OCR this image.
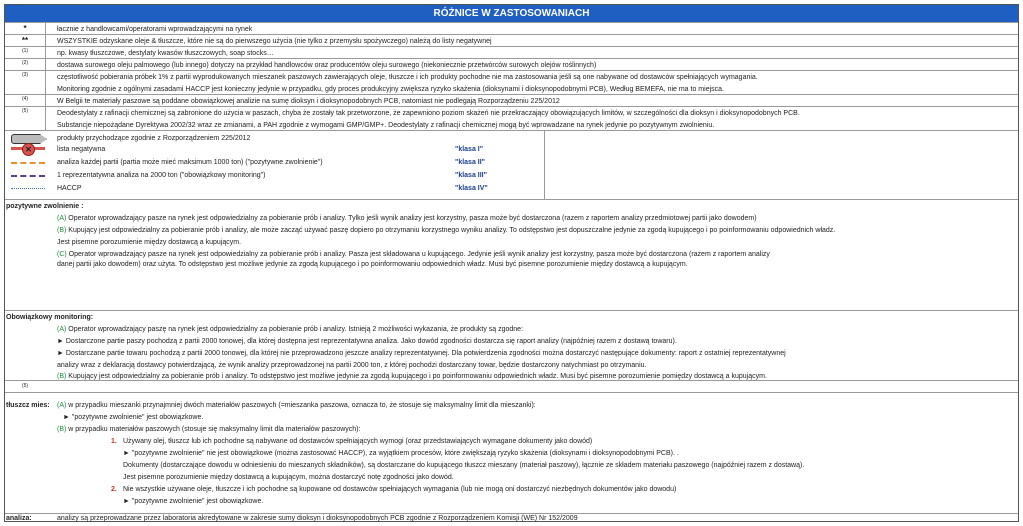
RÓŻNICE W ZASTOSOWANIACH
*	łacznie z handlowcami/operatorami wprowadzającymi na rynek
**	WSZYSTKIE odzyskane oleje & tłuszcze, które nie są do pierwszego użycia (nie tylko z przemysłu spożywczego) należą do listy negatywnej
(1)	np. kwasy tłuszczowe, destylaty kwasów tłuszczowych, soap stocks…
(2)	dostawa surowego oleju palmowego (lub innego) dotyczy na przykład handlowców oraz producentów oleju surowego (niekoniecznie przetwórców surowych olejów roślinnych)
(3)	częstotliwość pobierania próbek 1% z partii wyprodukowanych mieszanek paszowych zawierających oleje, tłuszcze i ich produkty pochodne nie ma zastosowania jeśli są one nabywane od dostawców spełniających wymagania.
Monitoring zgodnie z ogólnymi zasadami HACCP jest konieczny jedynie w przypadku, gdy proces produkcyjny zwiększa ryzyko skażenia (dioksynami i dioksynopodobnymi PCB), Według BEMEFA, nie ma to miejsca.
(4)	W Belgii te materiały paszowe są poddane obowiązkowej analizie na sumę dioksyn i dioksynopodobnych PCB, natomiast nie podlegają Rozporządzeniu 225/2012
(5)	Deodestylaty z rafinacji chemicznej są zabronione do użycia w paszach, chyba że zostały tak przetworzone, że zapewniono poziom skażeń nie przekraczający obowiązujących limitów, w szczególności dla dioksyn i dioksynopodobnych PCB.
Substancje niepożądane Dyrektywa 2002/32 wraz ze zmianami, a PAH zgodnie z wymogami GMP/GMP+. Deodestylaty z rafinacji chemicznej mogą być wprowadzane na rynek jedynie po pozytywnym zwolnieniu.
produkty przychodzące zgodnie z Rozporządzeniem 225/2012
✕	lista negatywna	"klasa I"
analiza każdej partii (partia może mieć maksimum 1000 ton) ("pozytywne zwolnienie")	"klasa II"
1 reprezentatywna analiza na 2000 ton ("obowiązkowy monitoring")	"klasa III"
HACCP	"klasa IV"
pozytywne zwolnienie :
(A) Operator wprowadzający pasze na rynek jest odpowiedzialny za pobieranie prób i analizy. Tylko jeśli wynik analizy jest korzystny, pasza może być dostarczona (razem z raportem analizy przedmiotowej partii jako dowodem)
(B) Kupujący jest odpowiedzialny za pobieranie prób i analizy, ale może zacząć używać paszę dopiero po otrzymaniu korzystnego wyniku analizy. To odstępstwo jest dopuszczalne jedynie za zgodą kupującego i po poinformowaniu odpowiednich władz.
Jest pisemne porozumienie między dostawcą a kupującym.
(C) Operator wprowadzający pasze na rynek jest odpowiedzialny za pobieranie prób i analizy. Pasza jest składowana u kupującego. Jedynie jeśli wynik analizy jest korzystny, pasza może być dostarczona (razem z raportem analizy
danej partii jako dowodem) oraz użyta. To odstępstwo jest możliwe jedynie za zgodą kupującego i po poinformowaniu odpowiednich władz. Musi być pisemne porozumienie między dostawcą a kupującym.
Obowiązkowy monitoring:
(A) Operator wprowadzający paszę na rynek jest odpowiedzialny za pobieranie prób i analizy. Istnieją 2 możliwości wykazania, że produkty są zgodne:
► Dostarczone partie paszy pochodzą z partii 2000 tonowej, dla której dostępna jest reprezentatywna analiza. Jako dowód zgodności dostarcza się raport analizy (najpóźniej razem z dostawą towaru).
► Dostarczane partie towaru pochodzą z partii 2000 tonowej, dla której nie przeprowadzono jeszcze analizy reprezentatywnej. Dla potwierdzenia zgodności można dostarczyć następujące dokumenty: raport z ostatniej reprezentatywnej
analizy wraz z deklaracją dostawcy potwierdzającą, że wynik analizy przeprowadzonej na partii 2000 ton, z której pochodzi dostarczany towar, będzie dostarczony natychmiast po otrzymaniu.
(B) Kupujący jest odpowiedzialny za pobieranie prób i analizy. To odstępstwo jest możliwe jedynie za zgodą kupującego i po poinformowaniu odpowiednich władz. Musi być pisemne porozumienie pomiędzy dostawcą a kupującym.
(5)
tłuszcz mies: (A) w przypadku mieszanki przynajmniej dwóch materiałów paszowych (=mieszanka paszowa, oznacza to, że stosuje się maksymalny limit dla mieszanki):
► "pozytywne zwolnienie" jest obowiązkowe.
(B) w przypadku materiałów paszowych (stosuje się maksymalny limit dla materiałów paszowych):
1. Używany olej, tłuszcz lub ich pochodne są nabywane od dostawców spełniających wymogi (oraz przedstawiających wymagane dokumenty jako dowód)
► "pozytywne zwolnienie" nie jest obowiązkowe (można zastosować HACCP), za wyjątkiem procesów, które zwiększają ryzyko skażenia (dioksynami i dioksynopodobnymi PCB). .
Dokumenty (dostarczające dowodu w odniesieniu do mieszanych składników), są dostarczane do kupującego tłuszcz mieszany (materiał paszowy), łącznie ze składem materiału paszowego (najpóźniej razem z dostawą).
Jest pisemne porozumienie między dostawcą a kupującym, można dostarczyć notę zgodności jako dowód.
2. Nie wszystkie używane oleje, tłuszcze i ich pochodne są kupowane od dostawców spełniających wymagania (lub nie mogą oni dostarczyć niezbędnych dokumentów jako dowodu)
► "pozytywne zwolnienie" jest obowiązkowe.
analiza:	analizy są przeprowadzane przez laboratoria akredytowane w zakresie sumy dioksyn i dioksynopodobnych PCB zgodnie z Rozporządzeniem Komisji (WE) Nr 152/2009
